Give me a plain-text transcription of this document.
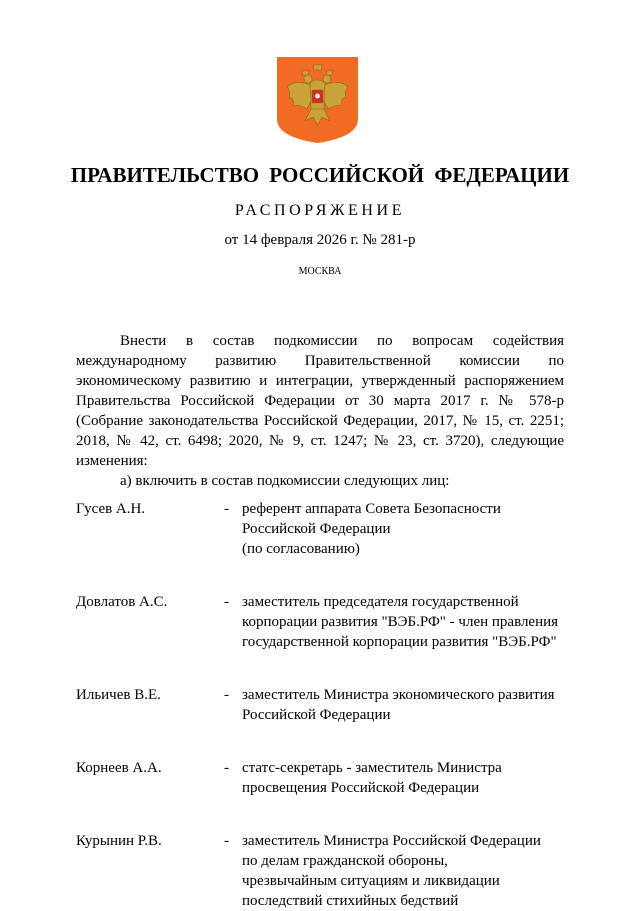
ПРАВИТЕЛЬСТВО РОССИЙСКОЙ ФЕДЕРАЦИИ
РАСПОРЯЖЕНИЕ
от 14 февраля 2026 г. № 281-р
МОСКВА

Внести в состав подкомиссии по вопросам содействия международному развитию Правительственной комиссии по экономическому развитию и интеграции, утвержденный распоряжением Правительства Российской Федерации от 30 марта 2017 г. № 578-р (Собрание законодательства Российской Федерации, 2017, № 15, ст. 2251; 2018, № 42, ст. 6498; 2020, № 9, ст. 1247; № 23, ст. 3720), следующие изменения:

а) включить в состав подкомиссии следующих лиц:

Гусев А.Н.	- референт аппарата Совета Безопасности
Российской Федерации
(по согласованию)
Довлатов А.С.	- заместитель председателя государственной
корпорации развития "ВЭБ.РФ" - член правления
государственной корпорации развития "ВЭБ.РФ"
Ильичев В.Е.	- заместитель Министра экономического развития
Российской Федерации
Корнеев А.А.	- статс-секретарь - заместитель Министра
просвещения Российской Федерации
Курынин Р.В.	- заместитель Министра Российской Федерации
по делам гражданской обороны,
чрезвычайным ситуациям и ликвидации
последствий стихийных бедствий
